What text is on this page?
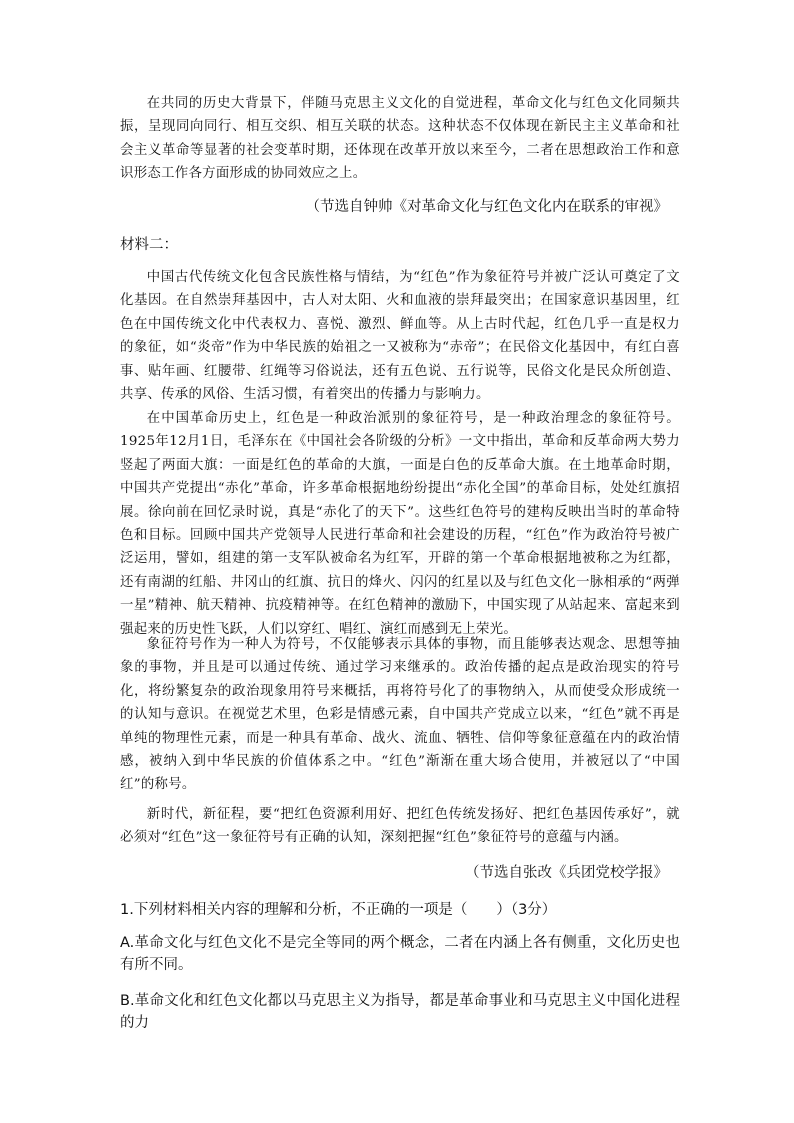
在共同的历史大背景下，伴随马克思主义文化的自觉进程，革命文化与红色文化同频共振，呈现同向同行、相互交织、相互关联的状态。这种状态不仅体现在新民主主义革命和社会主义革命等显著的社会变革时期，还体现在改革开放以来至今，二者在思想政治工作和意识形态工作各方面形成的协同效应之上。
（节选自钟帅《对革命文化与红色文化内在联系的审视》
材料二：
中国古代传统文化包含民族性格与情结，为“红色”作为象征符号并被广泛认可奠定了文化基因。在自然崇拜基因中，古人对太阳、火和血液的崇拜最突出；在国家意识基因里，红色在中国传统文化中代表权力、喜悦、激烈、鲜血等。从上古时代起，红色几乎一直是权力的象征，如“炎帝”作为中华民族的始祖之一又被称为“赤帝”；在民俗文化基因中，有红白喜事、贴年画、红腰带、红绳等习俗说法，还有五色说、五行说等，民俗文化是民众所创造、共享、传承的风俗、生活习惯，有着突出的传播力与影响力。
在中国革命历史上，红色是一种政治派别的象征符号，是一种政治理念的象征符号。1925年12月1日，毛泽东在《中国社会各阶级的分析》一文中指出，革命和反革命两大势力竖起了两面大旗：一面是红色的革命的大旗，一面是白色的反革命大旗。在土地革命时期，中国共产党提出“赤化”革命，许多革命根据地纷纷提出“赤化全国”的革命目标，处处红旗招展。徐向前在回忆录时说，真是“赤化了的天下”。这些红色符号的建构反映出当时的革命特色和目标。回顾中国共产党领导人民进行革命和社会建设的历程，“红色”作为政治符号被广泛运用，譬如，组建的第一支军队被命名为红军，开辟的第一个革命根据地被称之为红都，还有南湖的红船、井冈山的红旗、抗日的烽火、闪闪的红星以及与红色文化一脉相承的“两弹一星”精神、航天精神、抗疫精神等。在红色精神的激励下，中国实现了从站起来、富起来到强起来的历史性飞跃，人们以穿红、唱红、演红而感到无上荣光。
象征符号作为一种人为符号，不仅能够表示具体的事物，而且能够表达观念、思想等抽象的事物，并且是可以通过传统、通过学习来继承的。政治传播的起点是政治现实的符号化，将纷繁复杂的政治现象用符号来概括，再将符号化了的事物纳入，从而使受众形成统一的认知与意识。在视觉艺术里，色彩是情感元素，自中国共产党成立以来，“红色”就不再是单纯的物理性元素，而是一种具有革命、战火、流血、牺牲、信仰等象征意蕴在内的政治情感，被纳入到中华民族的价值体系之中。“红色”渐渐在重大场合使用，并被冠以了“中国红”的称号。
新时代，新征程，要“把红色资源利用好、把红色传统发扬好、把红色基因传承好”，就必须对“红色”这一象征符号有正确的认知，深刻把握“红色”象征符号的意蕴与内涵。
（节选自张改《兵团党校学报》
1.下列材料相关内容的理解和分析，不正确的一项是（　　）（3分）
A.革命文化与红色文化不是完全等同的两个概念，二者在内涵上各有侧重，文化历史也有所不同。
B.革命文化和红色文化都以马克思主义为指导，都是革命事业和马克思主义中国化进程的力
